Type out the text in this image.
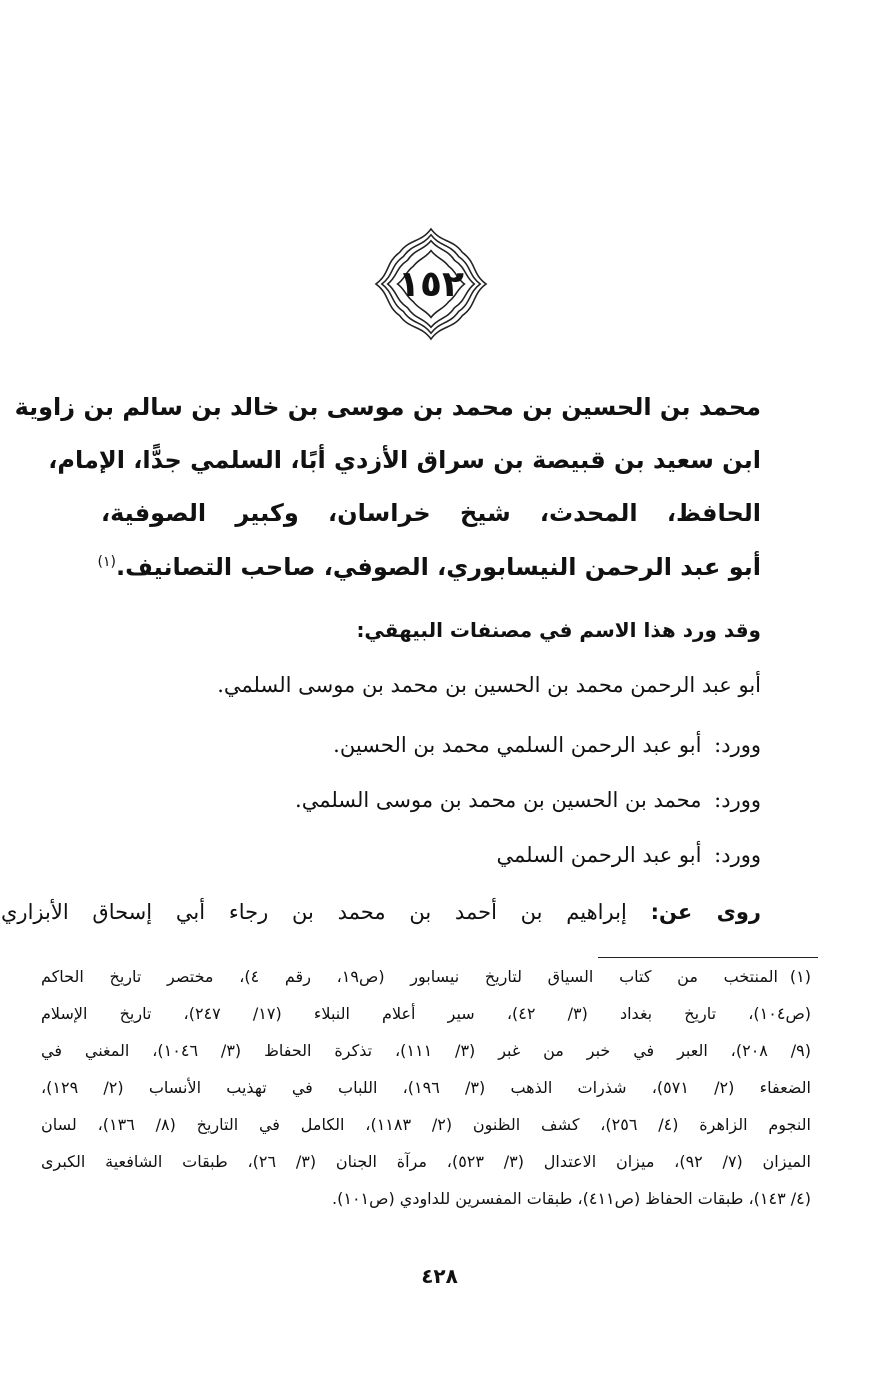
١٥٢
محمد بن الحسين بن محمد بن موسى بن خالد بن سالم بن زاوية
ابن سعيد بن قبيصة بن سراق الأزدي أبًا، السلمي جدًّا، الإمام،
الحافظ، المحدث، شيخ خراسان، وكبير الصوفية،
أبو عبد الرحمن النيسابوري، الصوفي، صاحب التصانيف.$^{(١)}$
وقد ورد هذا الاسم في مصنفات البيهقي:
أبو عبد الرحمن محمد بن الحسين بن محمد بن موسى السلمي.
وورد: أبو عبد الرحمن السلمي محمد بن الحسين.
وورد: محمد بن الحسين بن محمد بن موسى السلمي.
وورد: أبو عبد الرحمن السلمي
روى عن: إبراهيم بن أحمد بن محمد بن رجاء أبي إسحاق الأبزاري
(١)المنتخب من كتاب السياق لتاريخ نيسابور (ص١٩، رقم ٤)، مختصر تاريخ الحاكم
(ص١٠٤)، تاريخ بغداد (٣/ ٤٢)، سير أعلام النبلاء (١٧/ ٢٤٧)، تاريخ الإسلام
(٩/ ٢٠٨)، العبر في خبر من غبر (٣/ ١١١)، تذكرة الحفاظ (٣/ ١٠٤٦)، المغني في
الضعفاء (٢/ ٥٧١)، شذرات الذهب (٣/ ١٩٦)، اللباب في تهذيب الأنساب (٢/ ١٢٩)،
النجوم الزاهرة (٤/ ٢٥٦)، كشف الظنون (٢/ ١١٨٣)، الكامل في التاريخ (٨/ ١٣٦)، لسان
الميزان (٧/ ٩٢)، ميزان الاعتدال (٣/ ٥٢٣)، مرآة الجنان (٣/ ٢٦)، طبقات الشافعية الكبرى
(٤/ ١٤٣)، طبقات الحفاظ (ص٤١١)، طبقات المفسرين للداودي (ص١٠١).
٤٢٨
